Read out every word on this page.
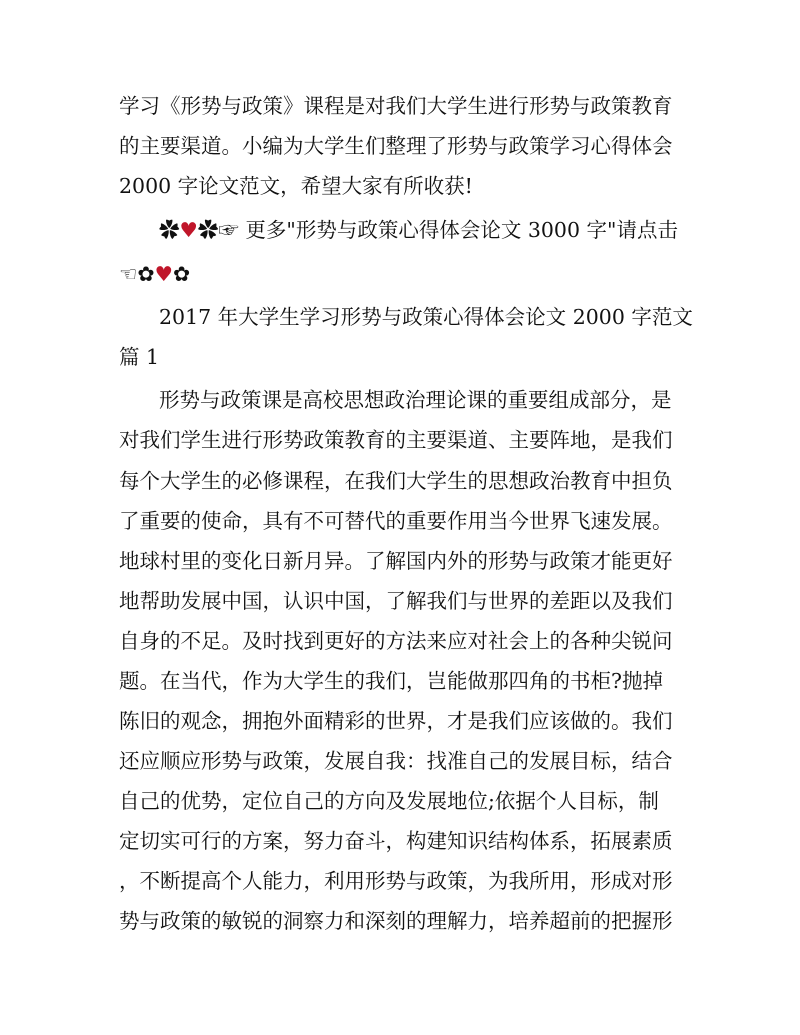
学习《形势与政策》课程是对我们大学生进行形势与政策教育
的主要渠道。小编为大学生们整理了形势与政策学习心得体会
2000 字论文范文，希望大家有所收获!
✿♥✿☞ 更多"形势与政策心得体会论文 3000 字"请点击
☜✿♥✿
2017 年大学生学习形势与政策心得体会论文 2000 字范文
篇 1
形势与政策课是高校思想政治理论课的重要组成部分，是
对我们学生进行形势政策教育的主要渠道、主要阵地，是我们
每个大学生的必修课程，在我们大学生的思想政治教育中担负
了重要的使命，具有不可替代的重要作用当今世界飞速发展。
地球村里的变化日新月异。了解国内外的形势与政策才能更好
地帮助发展中国，认识中国，了解我们与世界的差距以及我们
自身的不足。及时找到更好的方法来应对社会上的各种尖锐问
题。在当代，作为大学生的我们，岂能做那四角的书柜?抛掉
陈旧的观念，拥抱外面精彩的世界，才是我们应该做的。我们
还应顺应形势与政策，发展自我：找准自己的发展目标，结合
自己的优势，定位自己的方向及发展地位;依据个人目标，制
定切实可行的方案，努力奋斗，构建知识结构体系，拓展素质
，不断提高个人能力，利用形势与政策，为我所用，形成对形
势与政策的敏锐的洞察力和深刻的理解力，培养超前的把握形
